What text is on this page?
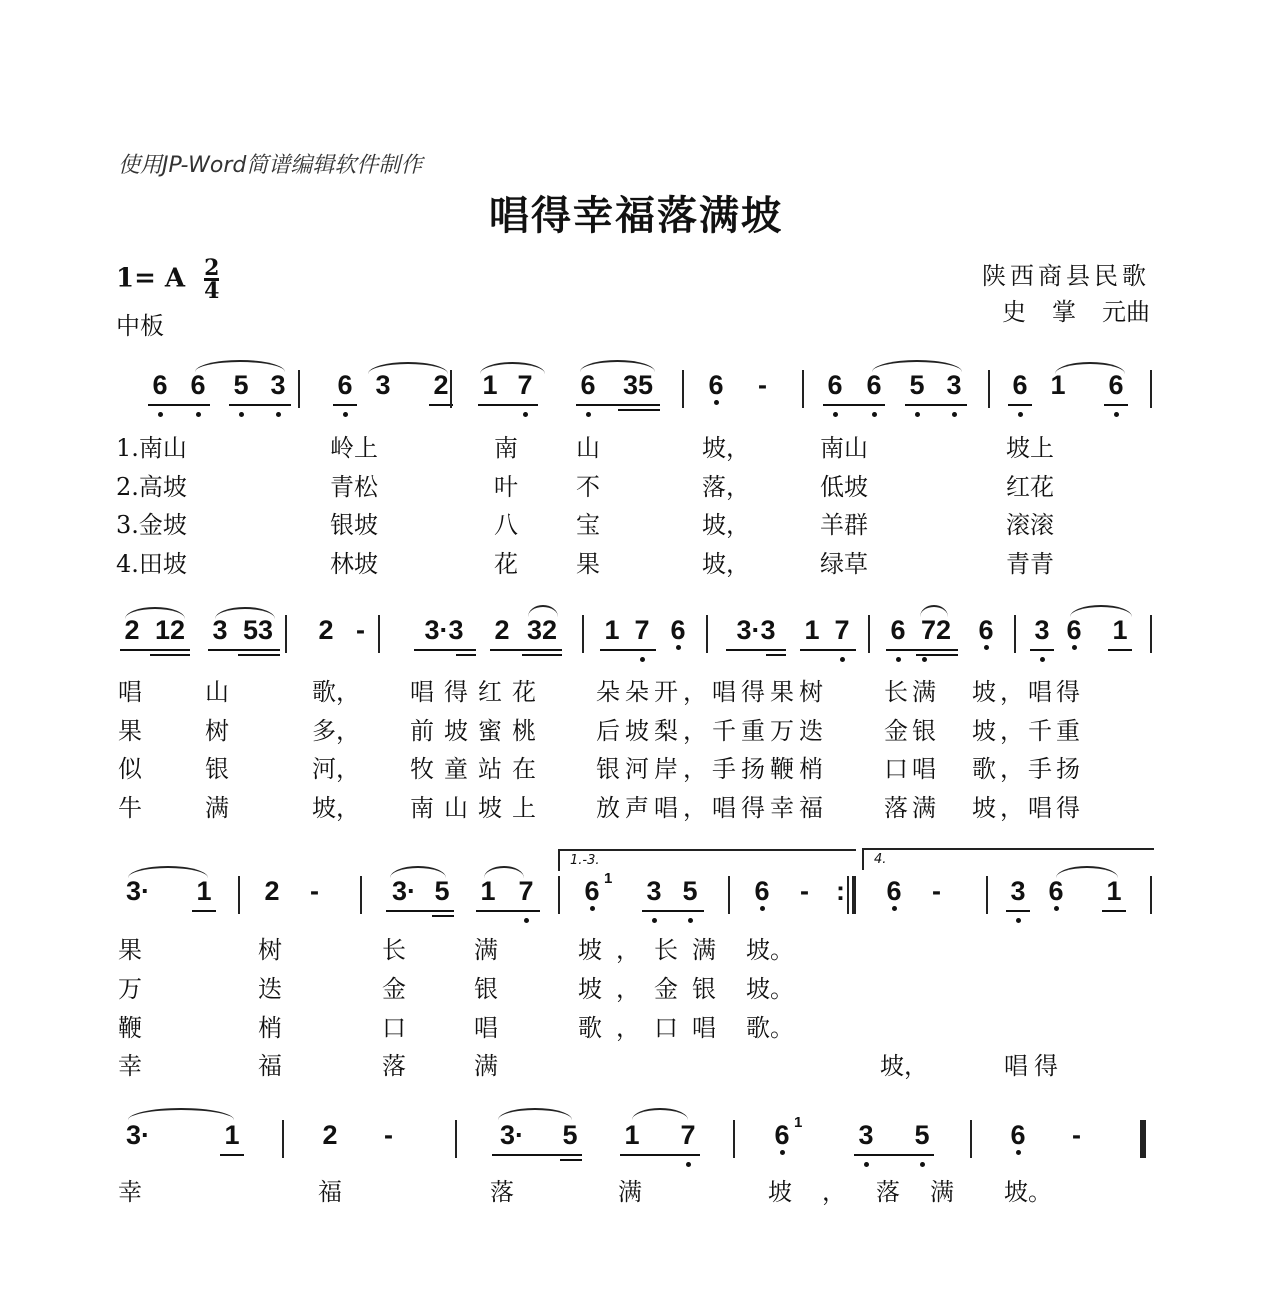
使用JP-Word简谱编辑软件制作
唱得幸福落满坡
1= A $\frac{2}{4}$
中板
陕西商县民歌
史 掌 元曲
6 6 5 3 6 3 2 1 7 6 35 6 - 6 6 5 3 6 1 6
1.南山	岭上	南 山	坡，	南山	坡上
2.高坡	青松	叶 不	落，	低坡	红花
3.金坡	银坡	八 宝	坡，	羊群	滚滚
4.田坡	林坡	花 果	坡，	绿草	青青
2 12 3 53 2 -	3·3	2 32 1 7 6	3·3	1 7 6 72 6 3 6 1
唱	山	歌， 唱得红花 朵朵开，唱得果树 长满 坡，唱得
果	树	多， 前坡蜜桃 后坡梨，千重万迭 金银 坡，千重
似	银	河， 牧童站在 银河岸，手扬鞭梢 口唱 歌，手扬
牛	满	坡， 南山坡上 放声唱，唱得幸福 落满 坡，唱得
1.-3.	4.
3· 1 2 -	3· 5 1 7 6 1 3 5 6 - : 6 -	3 6 1
果	树	长	满	坡，长满 坡。
万	迭	金	银	坡，金银 坡。
鞭	梢	口	唱	歌，口唱 歌。
幸	福	落	满	坡，	唱得
3·	1	2 -	3· 5 1 7	6 1 3 5	6 -
幸	福	落	满	坡，落满 坡。
